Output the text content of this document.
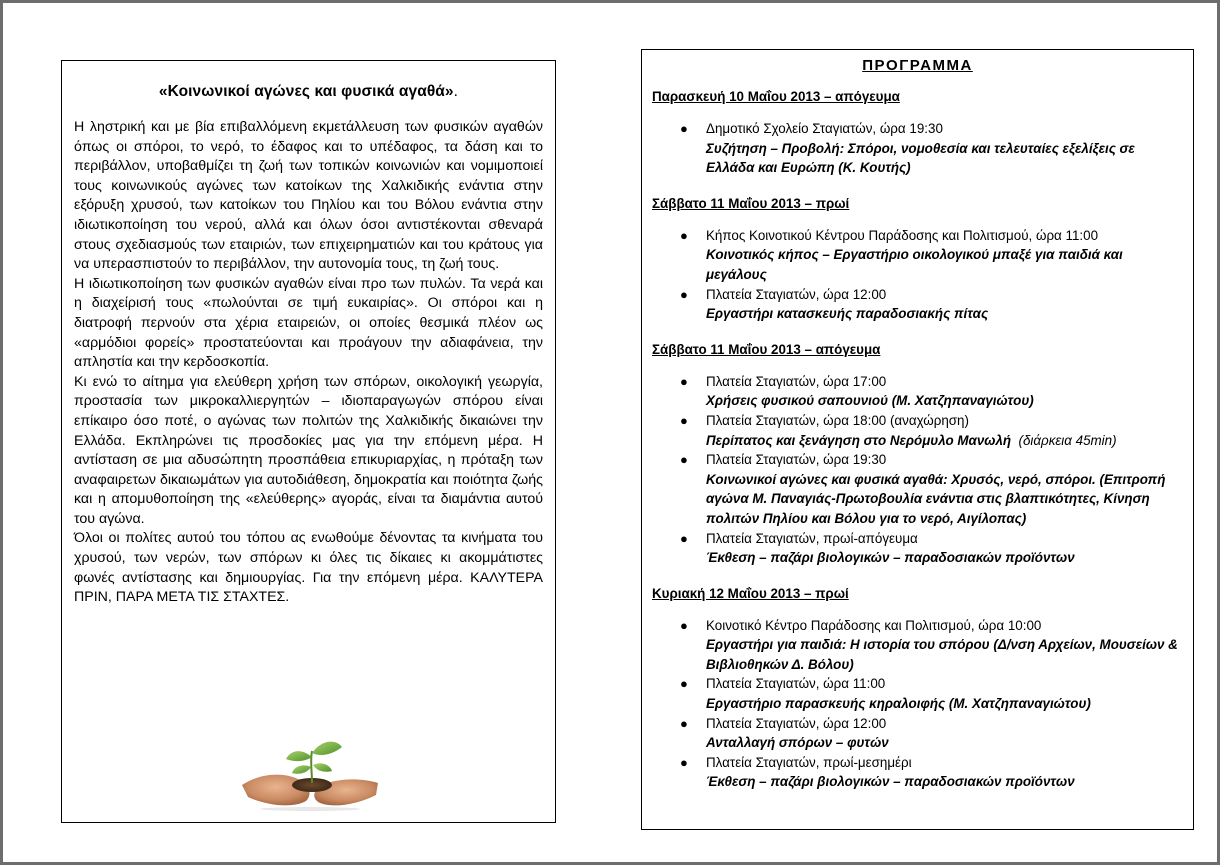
«Κοινωνικοί αγώνες και φυσικά αγαθά».

Η ληστρική και με βία επιβαλλόμενη εκμετάλλευση των φυσικών αγαθών όπως οι σπόροι, το νερό, το έδαφος και το υπέδαφος, τα δάση και το περιβάλλον, υποβαθμίζει τη ζωή των τοπικών κοινωνιών και νομιμοποιεί τους κοινωνικούς αγώνες των κατοίκων της Χαλκιδικής ενάντια στην εξόρυξη χρυσού, των κατοίκων του Πηλίου και του Βόλου ενάντια στην ιδιωτικοποίηση του νερού, αλλά και όλων όσοι αντιστέκονται σθεναρά στους σχεδιασμούς των εταιριών, των επιχειρηματιών και του κράτους για να υπερασπιστούν το περιβάλλον, την αυτονομία τους, τη ζωή τους.

Η ιδιωτικοποίηση των φυσικών αγαθών είναι προ των πυλών. Τα νερά και η διαχείρισή τους «πωλούνται σε τιμή ευκαιρίας». Οι σπόροι και η διατροφή περνούν στα χέρια εταιρειών, οι οποίες θεσμικά πλέον ως «αρμόδιοι φορείς» προστατεύονται και προάγουν την αδιαφάνεια, την απληστία και την κερδοσκοπία.

Κι ενώ το αίτημα για ελεύθερη χρήση των σπόρων, οικολογική γεωργία, προστασία των μικροκαλλιεργητών – ιδιοπαραγωγών σπόρου είναι επίκαιρο όσο ποτέ, ο αγώνας των πολιτών της Χαλκιδικής δικαιώνει την Ελλάδα. Εκπληρώνει τις προσδοκίες μας για την επόμενη μέρα. Η αντίσταση σε μια αδυσώπητη προσπάθεια επικυριαρχίας, η πρόταξη των αναφαιρετων δικαιωμάτων για αυτοδιάθεση, δημοκρατία και ποιότητα ζωής και η απομυθοποίηση της «ελεύθερης» αγοράς, είναι τα διαμάντια αυτού του αγώνα.

Όλοι οι πολίτες αυτού του τόπου ας ενωθούμε δένοντας τα κινήματα του χρυσού, των νερών, των σπόρων κι όλες τις δίκαιες κι ακομμάτιστες φωνές αντίστασης και δημιουργίας. Για την επόμενη μέρα. ΚΑΛΥΤΕΡΑ ΠΡΙΝ, ΠΑΡΑ ΜΕΤΑ ΤΙΣ ΣΤΑΧΤΕΣ.

ΠΡΟΓΡΑΜΜΑ
Παρασκευή 10 Μαΐου 2013 – απόγευμα
● Δημοτικό Σχολείο Σταγιατών, ώρα 19:30
Συζήτηση – Προβολή: Σπόροι, νομοθεσία και τελευταίες εξελίξεις σε Ελλάδα και Ευρώπη (Κ. Κουτής)
Σάββατο 11 Μαΐου 2013 – πρωί
● Κήπος Κοινοτικού Κέντρου Παράδοσης και Πολιτισμού, ώρα 11:00
Κοινοτικός κήπος – Εργαστήριο οικολογικού μπαξέ για παιδιά και μεγάλους
● Πλατεία Σταγιατών, ώρα 12:00
Εργαστήρι κατασκευής παραδοσιακής πίτας
Σάββατο 11 Μαΐου 2013 – απόγευμα
● Πλατεία Σταγιατών, ώρα 17:00
Χρήσεις φυσικού σαπουνιού (Μ. Χατζηπαναγιώτου)
● Πλατεία Σταγιατών, ώρα 18:00 (αναχώρηση)
Περίπατος και ξενάγηση στο Νερόμυλο Μανωλή (διάρκεια 45min)
● Πλατεία Σταγιατών, ώρα 19:30
Κοινωνικοί αγώνες και φυσικά αγαθά: Χρυσός, νερό, σπόροι. (Επιτροπή αγώνα Μ. Παναγιάς-Πρωτοβουλία ενάντια στις βλαπτικότητες, Κίνηση πολιτών Πηλίου και Βόλου για το νερό, Αιγίλοπας)
● Πλατεία Σταγιατών, πρωί-απόγευμα
Έκθεση – παζάρι βιολογικών – παραδοσιακών προϊόντων
Κυριακή 12 Μαΐου 2013 – πρωί
● Κοινοτικό Κέντρο Παράδοσης και Πολιτισμού, ώρα 10:00
Εργαστήρι για παιδιά: Η ιστορία του σπόρου (Δ/νση Αρχείων, Μουσείων & Βιβλιοθηκών Δ. Βόλου)
● Πλατεία Σταγιατών, ώρα 11:00
Εργαστήριο παρασκευής κηραλοιφής (Μ. Χατζηπαναγιώτου)
● Πλατεία Σταγιατών, ώρα 12:00
Ανταλλαγή σπόρων – φυτών
● Πλατεία Σταγιατών, πρωί-μεσημέρι
Έκθεση – παζάρι βιολογικών – παραδοσιακών προϊόντων
